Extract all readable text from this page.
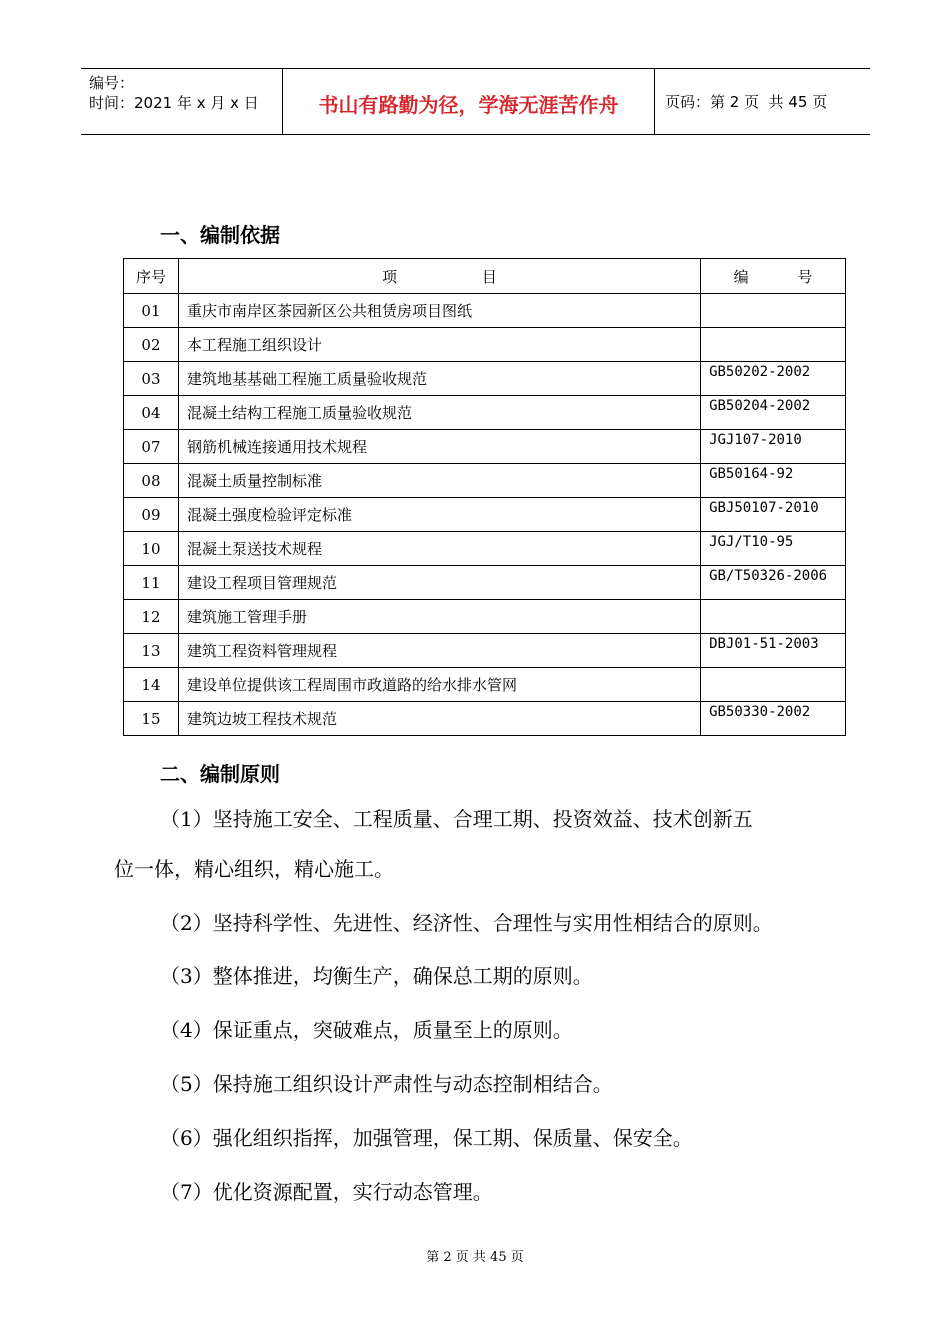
编号：
时间：2021 年 x 月 x 日	书山有路勤为径，学海无涯苦作舟	页码：第 2 页  共 45 页
一、编制依据
序号	项 目	编 号
01	重庆市南岸区茶园新区公共租赁房项目图纸	
02	本工程施工组织设计	
03	建筑地基基础工程施工质量验收规范	GB50202-2002
04	混凝土结构工程施工质量验收规范	GB50204-2002
07	钢筋机械连接通用技术规程	JGJ107-2010
08	混凝土质量控制标准	GB50164-92
09	混凝土强度检验评定标准	GBJ50107-2010
10	混凝土泵送技术规程	JGJ/T10-95
11	建设工程项目管理规范	GB/T50326-2006
12	建筑施工管理手册	
13	建筑工程资料管理规程	DBJ01-51-2003
14	建设单位提供该工程周围市政道路的给水排水管网	
15	建筑边坡工程技术规范	GB50330-2002
二、编制原则
（1）坚持施工安全、工程质量、合理工期、投资效益、技术创新五
位一体，精心组织，精心施工。
（2）坚持科学性、先进性、经济性、合理性与实用性相结合的原则。
（3）整体推进，均衡生产，确保总工期的原则。
（4）保证重点，突破难点，质量至上的原则。
（5）保持施工组织设计严肃性与动态控制相结合。
（6）强化组织指挥，加强管理，保工期、保质量、保安全。
（7）优化资源配置，实行动态管理。
第 2 页 共 45 页
